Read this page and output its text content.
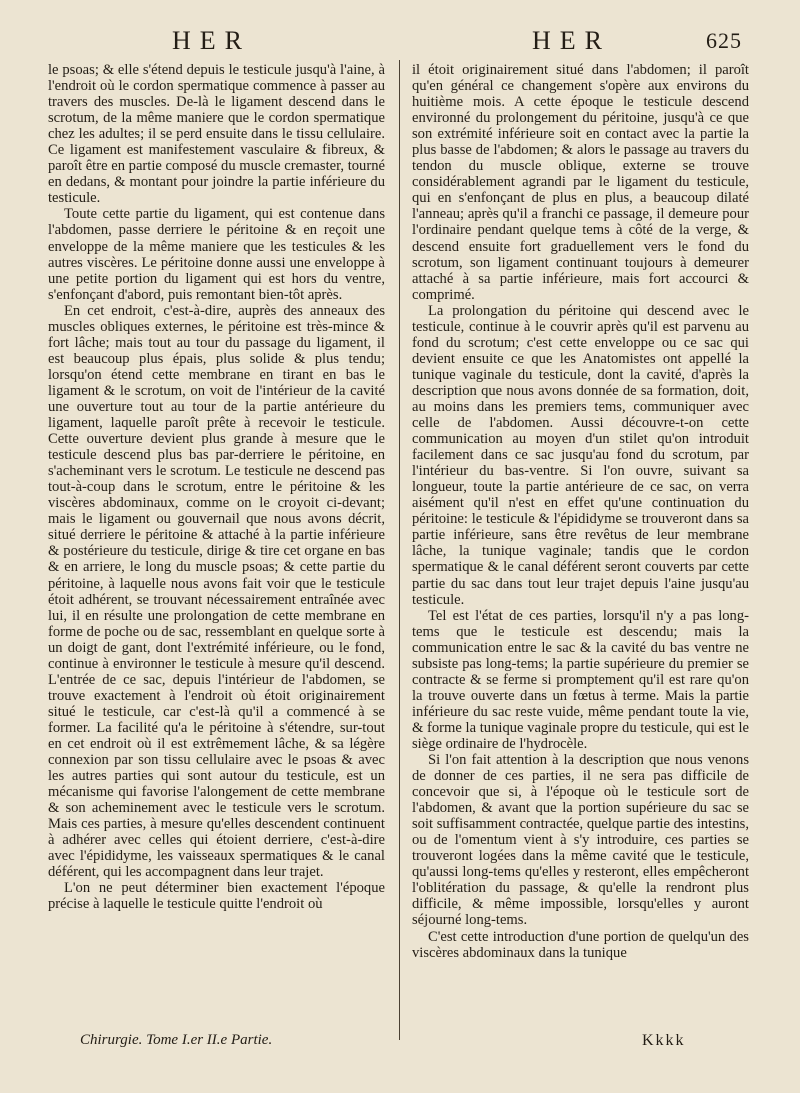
HER	HER	625

le psoas; & elle s'étend depuis le testicule jusqu'à l'aine, à l'endroit où le cordon spermatique commence à passer au travers des muscles. De-là le ligament descend dans le scrotum, de la même maniere que le cordon spermatique chez les adultes; il se perd ensuite dans le tissu cellulaire. Ce ligament est manifestement vasculaire & fibreux, & paroît être en partie composé du muscle cremaster, tourné en dedans, & montant pour joindre la partie inférieure du testicule.

Toute cette partie du ligament, qui est contenue dans l'abdomen, passe derriere le péritoine & en reçoit une enveloppe de la même maniere que les testicules & les autres viscères. Le péritoine donne aussi une enveloppe à une petite portion du ligament qui est hors du ventre, s'enfonçant d'abord, puis remontant bien-tôt après.

En cet endroit, c'est-à-dire, auprès des anneaux des muscles obliques externes, le péritoine est très-mince & fort lâche; mais tout au tour du passage du ligament, il est beaucoup plus épais, plus solide & plus tendu; lorsqu'on étend cette membrane en tirant en bas le ligament & le scrotum, on voit de l'intérieur de la cavité une ouverture tout au tour de la partie antérieure du ligament, laquelle paroît prête à recevoir le testicule. Cette ouverture devient plus grande à mesure que le testicule descend plus bas par-derriere le péritoine, en s'acheminant vers le scrotum. Le testicule ne descend pas tout-à-coup dans le scrotum, entre le péritoine & les viscères abdominaux, comme on le croyoit ci-devant; mais le ligament ou gouvernail que nous avons décrit, situé derriere le péritoine & attaché à la partie inférieure & postérieure du testicule, dirige & tire cet organe en bas & en arriere, le long du muscle psoas; & cette partie du péritoine, à laquelle nous avons fait voir que le testicule étoit adhérent, se trouvant nécessairement entraînée avec lui, il en résulte une prolongation de cette membrane en forme de poche ou de sac, ressemblant en quelque sorte à un doigt de gant, dont l'extrémité inférieure, ou le fond, continue à environner le testicule à mesure qu'il descend. L'entrée de ce sac, depuis l'intérieur de l'abdomen, se trouve exactement à l'endroit où étoit originairement situé le testicule, car c'est-là qu'il a commencé à se former. La facilité qu'a le péritoine à s'étendre, sur-tout en cet endroit où il est extrêmement lâche, & sa légère connexion par son tissu cellulaire avec le psoas & avec les autres parties qui sont autour du testicule, est un mécanisme qui favorise l'alongement de cette membrane & son acheminement avec le testicule vers le scrotum. Mais ces parties, à mesure qu'elles descendent continuent à adhérer avec celles qui étoient derriere, c'est-à-dire avec l'épididyme, les vaisseaux spermatiques & le canal déférent, qui les accompagnent dans leur trajet.

L'on ne peut déterminer bien exactement l'époque précise à laquelle le testicule quitte l'endroit où

il étoit originairement situé dans l'abdomen; il paroît qu'en général ce changement s'opère aux environs du huitième mois. A cette époque le testicule descend environné du prolongement du péritoine, jusqu'à ce que son extrémité inférieure soit en contact avec la partie la plus basse de l'abdomen; & alors le passage au travers du tendon du muscle oblique, externe se trouve considérablement agrandi par le ligament du testicule, qui en s'enfonçant de plus en plus, a beaucoup dilaté l'anneau; après qu'il a franchi ce passage, il demeure pour l'ordinaire pendant quelque tems à côté de la verge, & descend ensuite fort graduellement vers le fond du scrotum, son ligament continuant toujours à demeurer attaché à sa partie inférieure, mais fort accourci & comprimé.

La prolongation du péritoine qui descend avec le testicule, continue à le couvrir après qu'il est parvenu au fond du scrotum; c'est cette enveloppe ou ce sac qui devient ensuite ce que les Anatomistes ont appellé la tunique vaginale du testicule, dont la cavité, d'après la description que nous avons donnée de sa formation, doit, au moins dans les premiers tems, communiquer avec celle de l'abdomen. Aussi découvre-t-on cette communication au moyen d'un stilet qu'on introduit facilement dans ce sac jusqu'au fond du scrotum, par l'intérieur du bas-ventre. Si l'on ouvre, suivant sa longueur, toute la partie antérieure de ce sac, on verra aisément qu'il n'est en effet qu'une continuation du péritoine: le testicule & l'épididyme se trouveront dans sa partie inférieure, sans être revêtus de leur membrane lâche, la tunique vaginale; tandis que le cordon spermatique & le canal déférent seront couverts par cette partie du sac dans tout leur trajet depuis l'aine jusqu'au testicule.

Tel est l'état de ces parties, lorsqu'il n'y a pas long-tems que le testicule est descendu; mais la communication entre le sac & la cavité du bas ventre ne subsiste pas long-tems; la partie supérieure du premier se contracte & se ferme si promptement qu'il est rare qu'on la trouve ouverte dans un fœtus à terme. Mais la partie inférieure du sac reste vuide, même pendant toute la vie, & forme la tunique vaginale propre du testicule, qui est le siège ordinaire de l'hydrocèle.

Si l'on fait attention à la description que nous venons de donner de ces parties, il ne sera pas difficile de concevoir que si, à l'époque où le testicule sort de l'abdomen, & avant que la portion supérieure du sac se soit suffisamment contractée, quelque partie des intestins, ou de l'omentum vient à s'y introduire, ces parties se trouveront logées dans la même cavité que le testicule, qu'aussi long-tems qu'elles y resteront, elles empêcheront l'oblitération du passage, & qu'elle la rendront plus difficile, & même impossible, lorsqu'elles y auront séjourné long-tems.

C'est cette introduction d'une portion de quelqu'un des viscères abdominaux dans la tunique

Chirurgie. Tome I.er II.e Partie.	Kkkk
